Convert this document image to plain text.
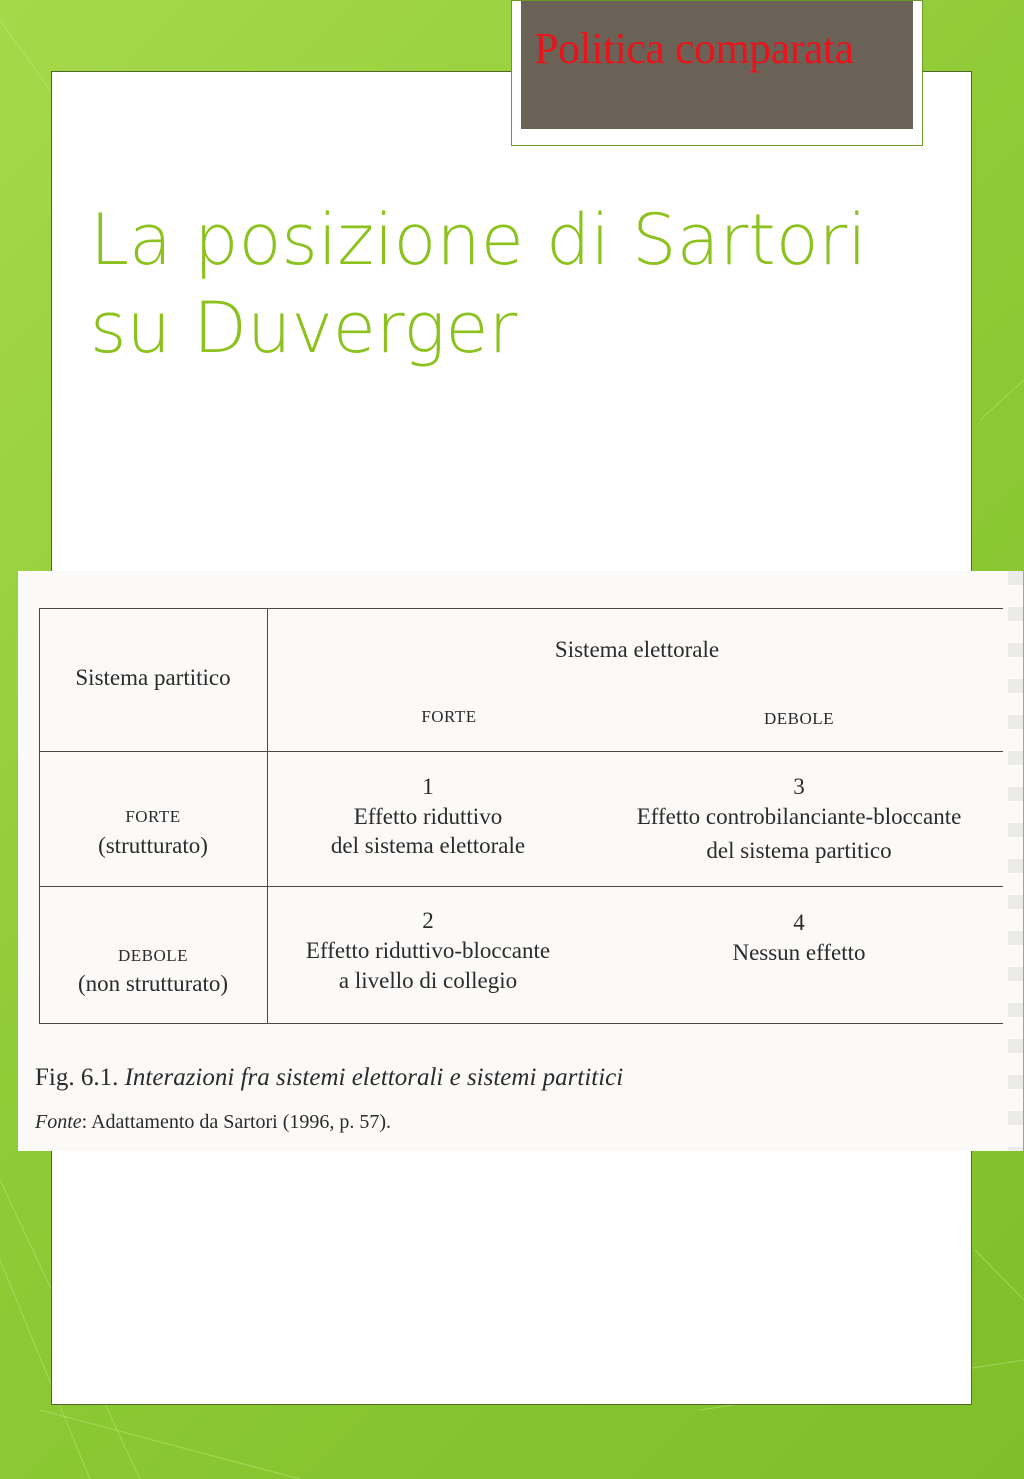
Politica comparata
La posizione di Sartori su Duverger
Sistema partitico
Sistema elettorale
FORTE	DEBOLE
FORTE
(strutturato)
1
Effetto riduttivo
del sistema elettorale
3
Effetto controbilanciante-bloccante
del sistema partitico
DEBOLE
(non strutturato)
2
Effetto riduttivo-bloccante
a livello di collegio
4
Nessun effetto
Fig. 6.1. Interazioni fra sistemi elettorali e sistemi partitici
Fonte: Adattamento da Sartori (1996, p. 57).
